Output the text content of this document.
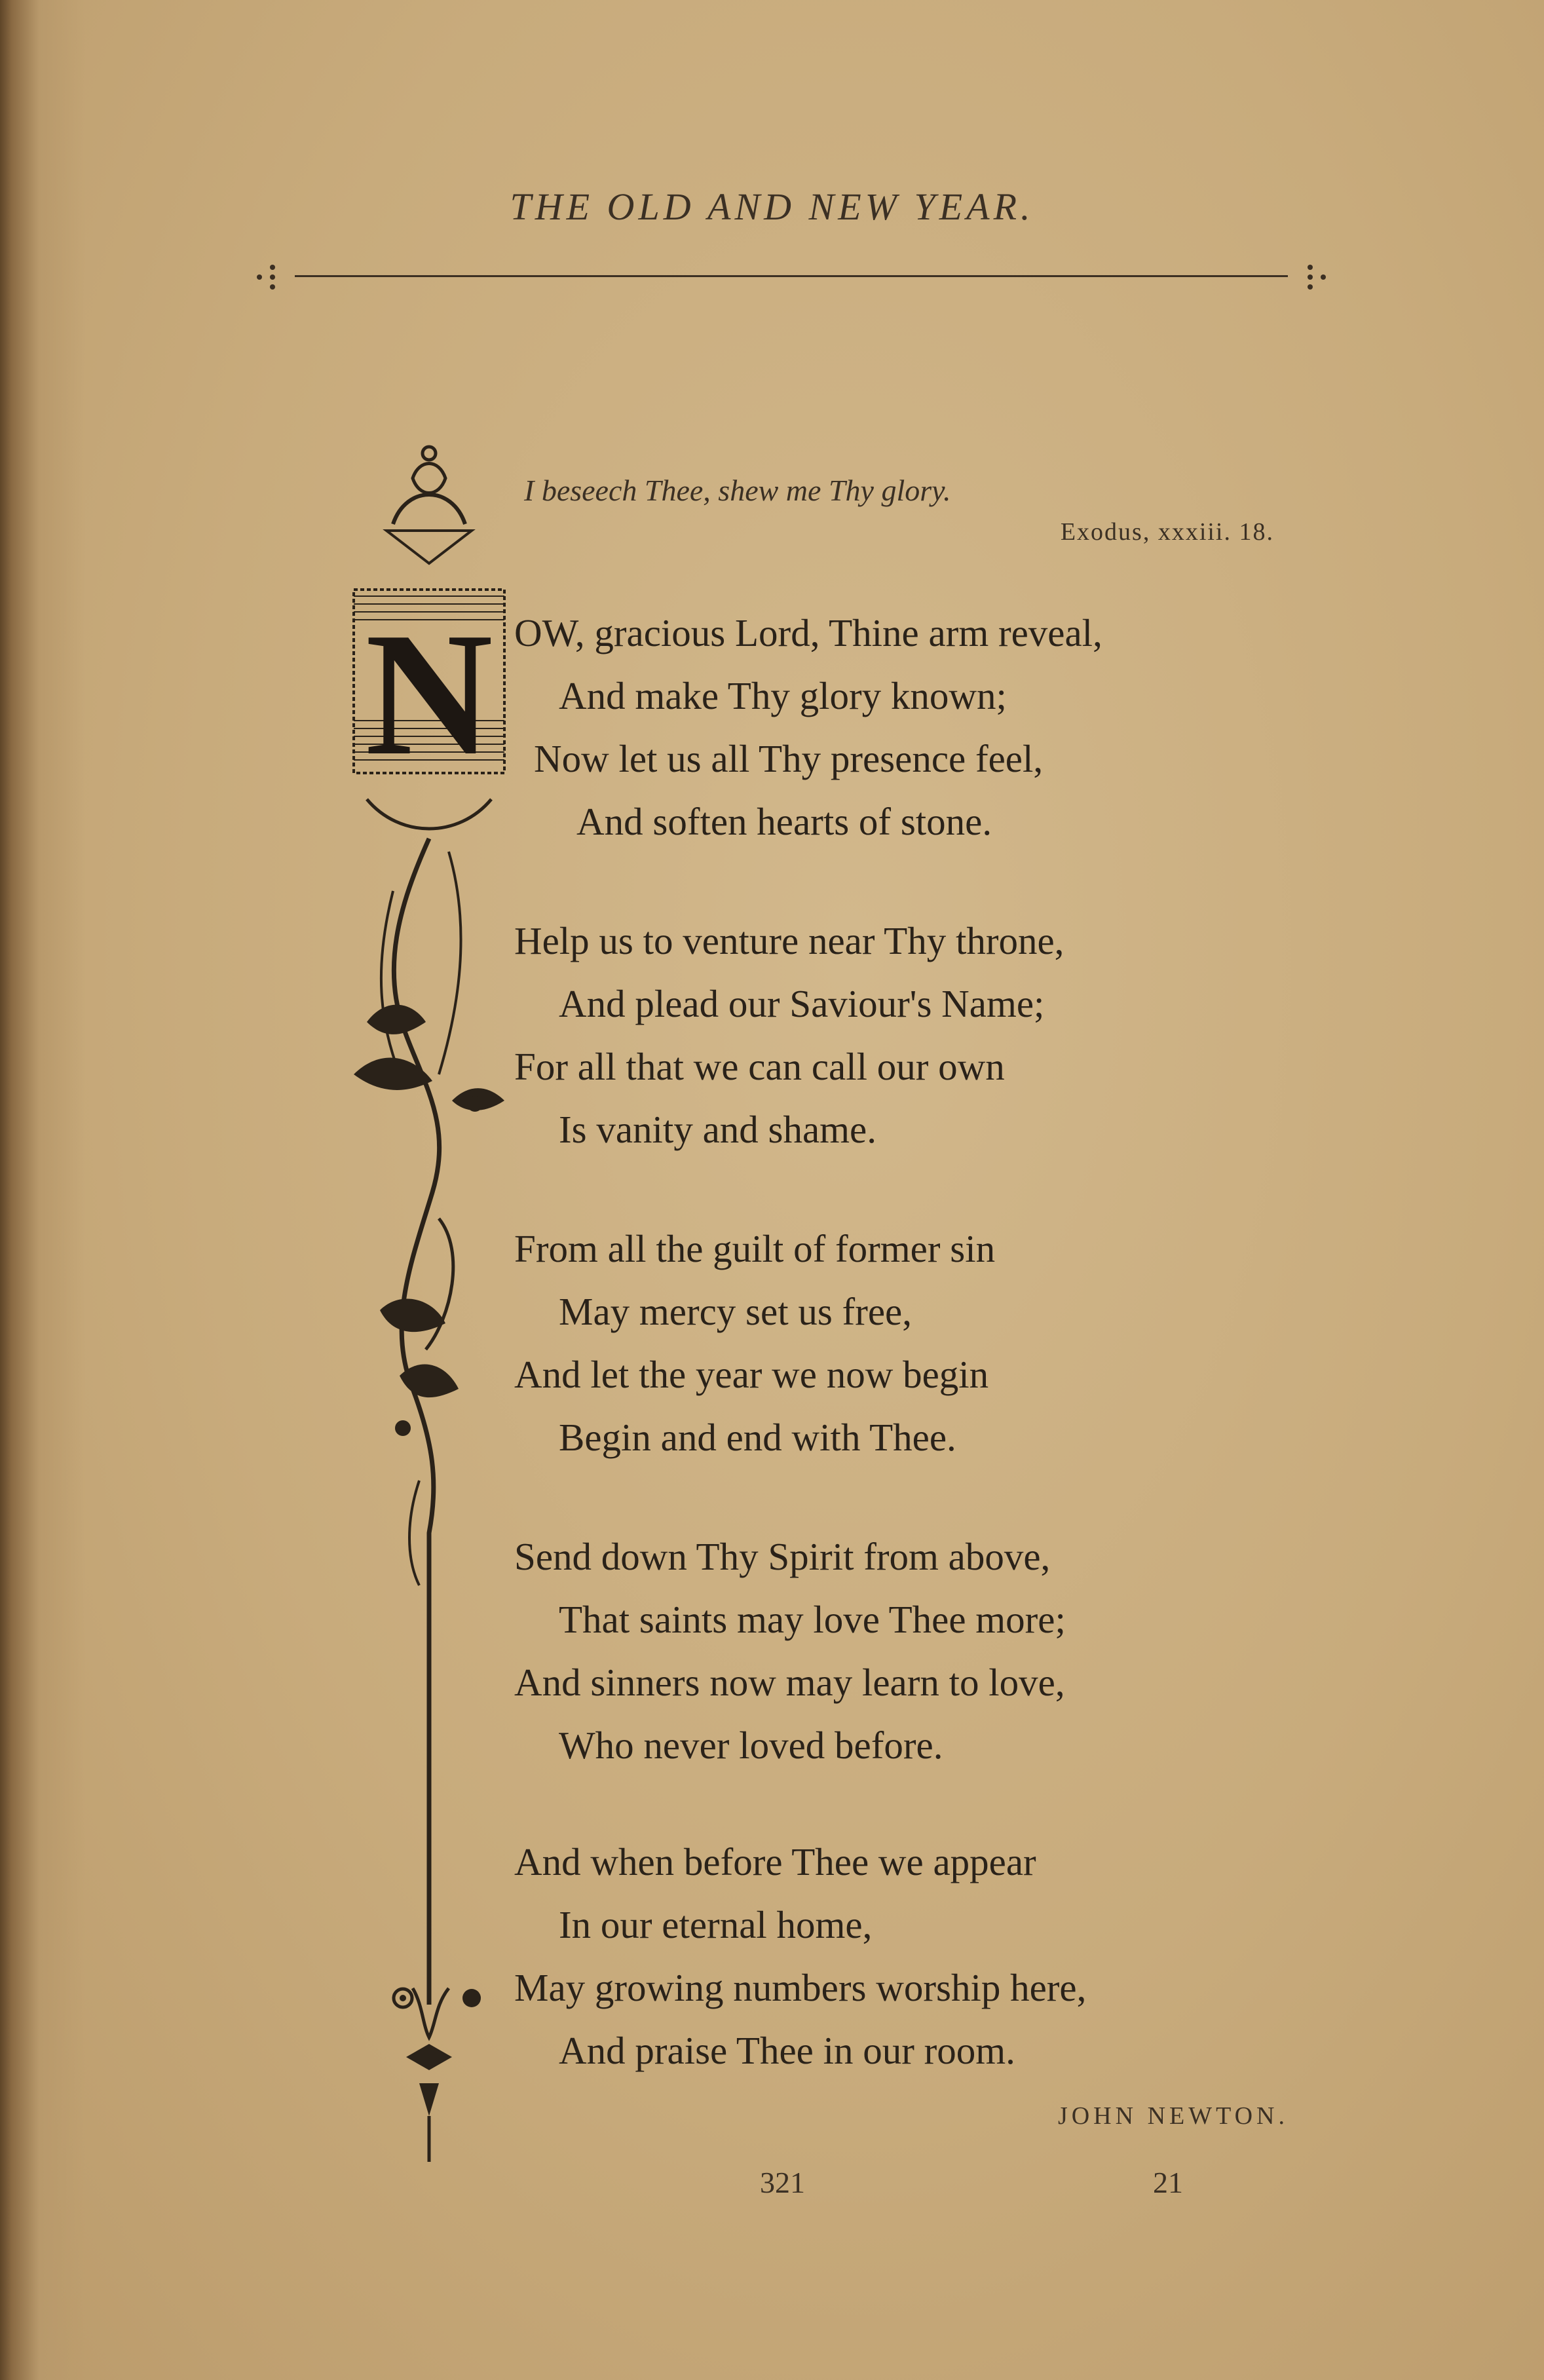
THE OLD AND NEW YEAR.
I beseech Thee, shew me Thy glory.
Exodus, xxxiii. 18.
N OW, gracious Lord, Thine arm reveal,
And make Thy glory known;
Now let us all Thy presence feel,
And soften hearts of stone.
Help us to venture near Thy throne,
And plead our Saviour's Name;
For all that we can call our own
Is vanity and shame.
From all the guilt of former sin
May mercy set us free,
And let the year we now begin
Begin and end with Thee.
Send down Thy Spirit from above,
That saints may love Thee more;
And sinners now may learn to love,
Who never loved before.
And when before Thee we appear
In our eternal home,
May growing numbers worship here,
And praise Thee in our room.
JOHN NEWTON.
321	21
